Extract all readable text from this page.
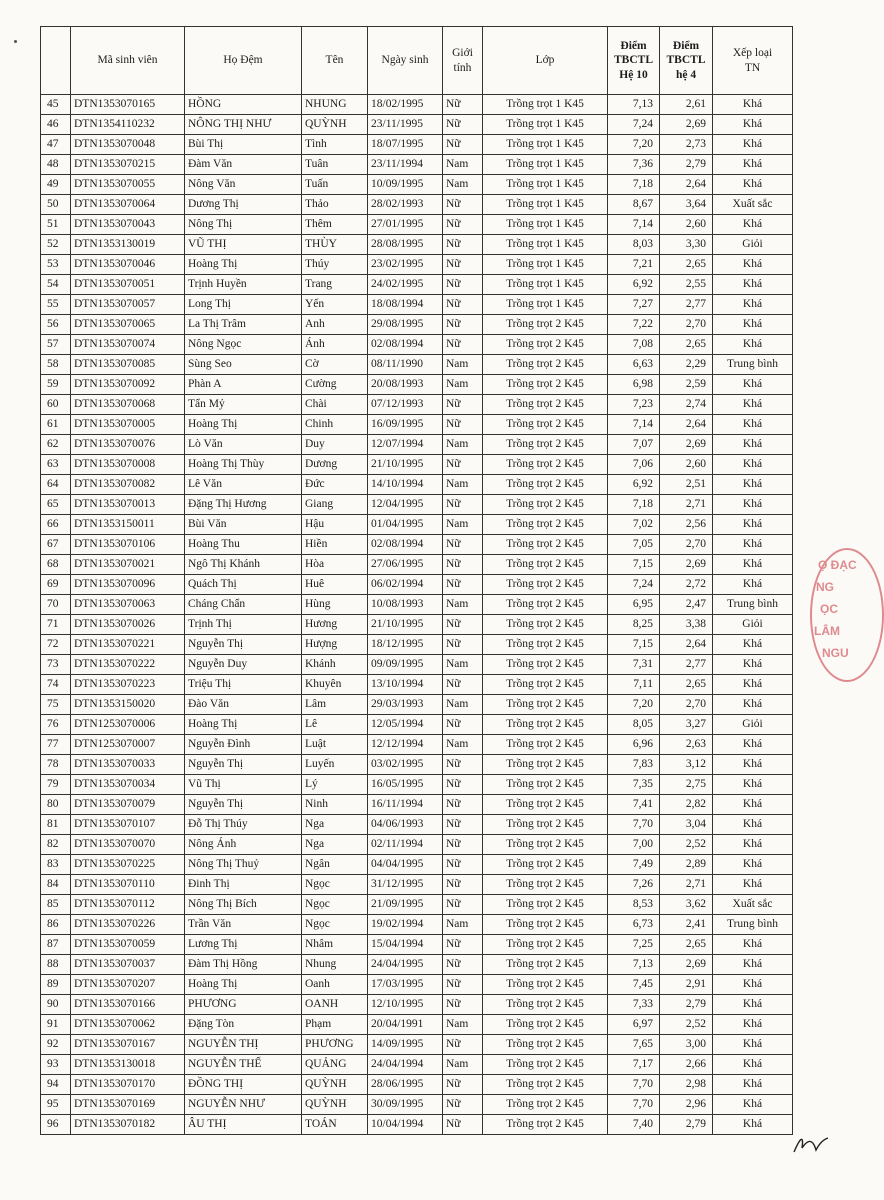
	Mã sinh viên	Họ Đệm	Tên	Ngày sinh	Giới
tính	Lớp	Điểm
TBCTL
Hệ 10	Điểm
TBCTL
hệ 4	Xếp loại
TN

45	DTN1353070165	HỒNG	NHUNG	18/02/1995	Nữ	Trồng trọt 1 K45	7,13	2,61	Khá
46	DTN1354110232	NÔNG THỊ NHƯ	QUỲNH	23/11/1995	Nữ	Trồng trọt 1 K45	7,24	2,69	Khá
47	DTN1353070048	Bùi Thị	Tình	18/07/1995	Nữ	Trồng trọt 1 K45	7,20	2,73	Khá
48	DTN1353070215	Đàm Văn	Tuân	23/11/1994	Nam	Trồng trọt 1 K45	7,36	2,79	Khá
49	DTN1353070055	Nông Văn	Tuấn	10/09/1995	Nam	Trồng trọt 1 K45	7,18	2,64	Khá
50	DTN1353070064	Dương Thị	Thảo	28/02/1993	Nữ	Trồng trọt 1 K45	8,67	3,64	Xuất sắc
51	DTN1353070043	Nông Thị	Thêm	27/01/1995	Nữ	Trồng trọt 1 K45	7,14	2,60	Khá
52	DTN1353130019	VŨ THỊ	THÙY	28/08/1995	Nữ	Trồng trọt 1 K45	8,03	3,30	Giỏi
53	DTN1353070046	Hoàng Thị	Thúy	23/02/1995	Nữ	Trồng trọt 1 K45	7,21	2,65	Khá
54	DTN1353070051	Trịnh Huyền	Trang	24/02/1995	Nữ	Trồng trọt 1 K45	6,92	2,55	Khá
55	DTN1353070057	Long Thị	Yến	18/08/1994	Nữ	Trồng trọt 1 K45	7,27	2,77	Khá
56	DTN1353070065	La Thị Trâm	Anh	29/08/1995	Nữ	Trồng trọt 2 K45	7,22	2,70	Khá
57	DTN1353070074	Nông Ngọc	Ánh	02/08/1994	Nữ	Trồng trọt 2 K45	7,08	2,65	Khá
58	DTN1353070085	Sùng Seo	Cờ	08/11/1990	Nam	Trồng trọt 2 K45	6,63	2,29	Trung bình
59	DTN1353070092	Phàn A	Cường	20/08/1993	Nam	Trồng trọt 2 K45	6,98	2,59	Khá
60	DTN1353070068	Tẩn Mỷ	Chài	07/12/1993	Nữ	Trồng trọt 2 K45	7,23	2,74	Khá
61	DTN1353070005	Hoàng Thị	Chinh	16/09/1995	Nữ	Trồng trọt 2 K45	7,14	2,64	Khá
62	DTN1353070076	Lò Văn	Duy	12/07/1994	Nam	Trồng trọt 2 K45	7,07	2,69	Khá
63	DTN1353070008	Hoàng Thị Thùy	Dương	21/10/1995	Nữ	Trồng trọt 2 K45	7,06	2,60	Khá
64	DTN1353070082	Lê Văn	Đức	14/10/1994	Nam	Trồng trọt 2 K45	6,92	2,51	Khá
65	DTN1353070013	Đặng Thị Hương	Giang	12/04/1995	Nữ	Trồng trọt 2 K45	7,18	2,71	Khá
66	DTN1353150011	Bùi Văn	Hậu	01/04/1995	Nam	Trồng trọt 2 K45	7,02	2,56	Khá
67	DTN1353070106	Hoàng Thu	Hiền	02/08/1994	Nữ	Trồng trọt 2 K45	7,05	2,70	Khá
68	DTN1353070021	Ngô Thị Khánh	Hòa	27/06/1995	Nữ	Trồng trọt 2 K45	7,15	2,69	Khá
69	DTN1353070096	Quách Thị	Huê	06/02/1994	Nữ	Trồng trọt 2 K45	7,24	2,72	Khá
70	DTN1353070063	Cháng Chẩn	Hùng	10/08/1993	Nam	Trồng trọt 2 K45	6,95	2,47	Trung bình
71	DTN1353070026	Trịnh Thị	Hương	21/10/1995	Nữ	Trồng trọt 2 K45	8,25	3,38	Giỏi
72	DTN1353070221	Nguyễn Thị	Hượng	18/12/1995	Nữ	Trồng trọt 2 K45	7,15	2,64	Khá
73	DTN1353070222	Nguyễn Duy	Khánh	09/09/1995	Nam	Trồng trọt 2 K45	7,31	2,77	Khá
74	DTN1353070223	Triệu Thị	Khuyên	13/10/1994	Nữ	Trồng trọt 2 K45	7,11	2,65	Khá
75	DTN1353150020	Đào Văn	Lâm	29/03/1993	Nam	Trồng trọt 2 K45	7,20	2,70	Khá
76	DTN1253070006	Hoàng Thị	Lê	12/05/1994	Nữ	Trồng trọt 2 K45	8,05	3,27	Giỏi
77	DTN1253070007	Nguyễn Đình	Luật	12/12/1994	Nam	Trồng trọt 2 K45	6,96	2,63	Khá
78	DTN1353070033	Nguyễn Thị	Luyến	03/02/1995	Nữ	Trồng trọt 2 K45	7,83	3,12	Khá
79	DTN1353070034	Vũ Thị	Lý	16/05/1995	Nữ	Trồng trọt 2 K45	7,35	2,75	Khá
80	DTN1353070079	Nguyễn Thị	Ninh	16/11/1994	Nữ	Trồng trọt 2 K45	7,41	2,82	Khá
81	DTN1353070107	Đỗ Thị Thúy	Nga	04/06/1993	Nữ	Trồng trọt 2 K45	7,70	3,04	Khá
82	DTN1353070070	Nông Ánh	Nga	02/11/1994	Nữ	Trồng trọt 2 K45	7,00	2,52	Khá
83	DTN1353070225	Nông Thị Thuỷ	Ngân	04/04/1995	Nữ	Trồng trọt 2 K45	7,49	2,89	Khá
84	DTN1353070110	Đinh Thị	Ngọc	31/12/1995	Nữ	Trồng trọt 2 K45	7,26	2,71	Khá
85	DTN1353070112	Nông Thị Bích	Ngọc	21/09/1995	Nữ	Trồng trọt 2 K45	8,53	3,62	Xuất sắc
86	DTN1353070226	Trần Văn	Ngọc	19/02/1994	Nam	Trồng trọt 2 K45	6,73	2,41	Trung bình
87	DTN1353070059	Lương Thị	Nhâm	15/04/1994	Nữ	Trồng trọt 2 K45	7,25	2,65	Khá
88	DTN1353070037	Đàm Thị Hồng	Nhung	24/04/1995	Nữ	Trồng trọt 2 K45	7,13	2,69	Khá
89	DTN1353070207	Hoàng Thị	Oanh	17/03/1995	Nữ	Trồng trọt 2 K45	7,45	2,91	Khá
90	DTN1353070166	PHƯƠNG	OANH	12/10/1995	Nữ	Trồng trọt 2 K45	7,33	2,79	Khá
91	DTN1353070062	Đặng Tòn	Phạm	20/04/1991	Nam	Trồng trọt 2 K45	6,97	2,52	Khá
92	DTN1353070167	NGUYỄN THỊ	PHƯƠNG	14/09/1995	Nữ	Trồng trọt 2 K45	7,65	3,00	Khá
93	DTN1353130018	NGUYỄN THẾ	QUẢNG	24/04/1994	Nam	Trồng trọt 2 K45	7,17	2,66	Khá
94	DTN1353070170	ĐỒNG THỊ	QUỲNH	28/06/1995	Nữ	Trồng trọt 2 K45	7,70	2,98	Khá
95	DTN1353070169	NGUYỄN NHƯ	QUỲNH	30/09/1995	Nữ	Trồng trọt 2 K45	7,70	2,96	Khá
96	DTN1353070182	ÂU THỊ	TOÁN	10/04/1994	Nữ	Trồng trọt 2 K45	7,40	2,79	Khá
Ọ ĐẠC
NG
ỌC
LÂM
NGU
